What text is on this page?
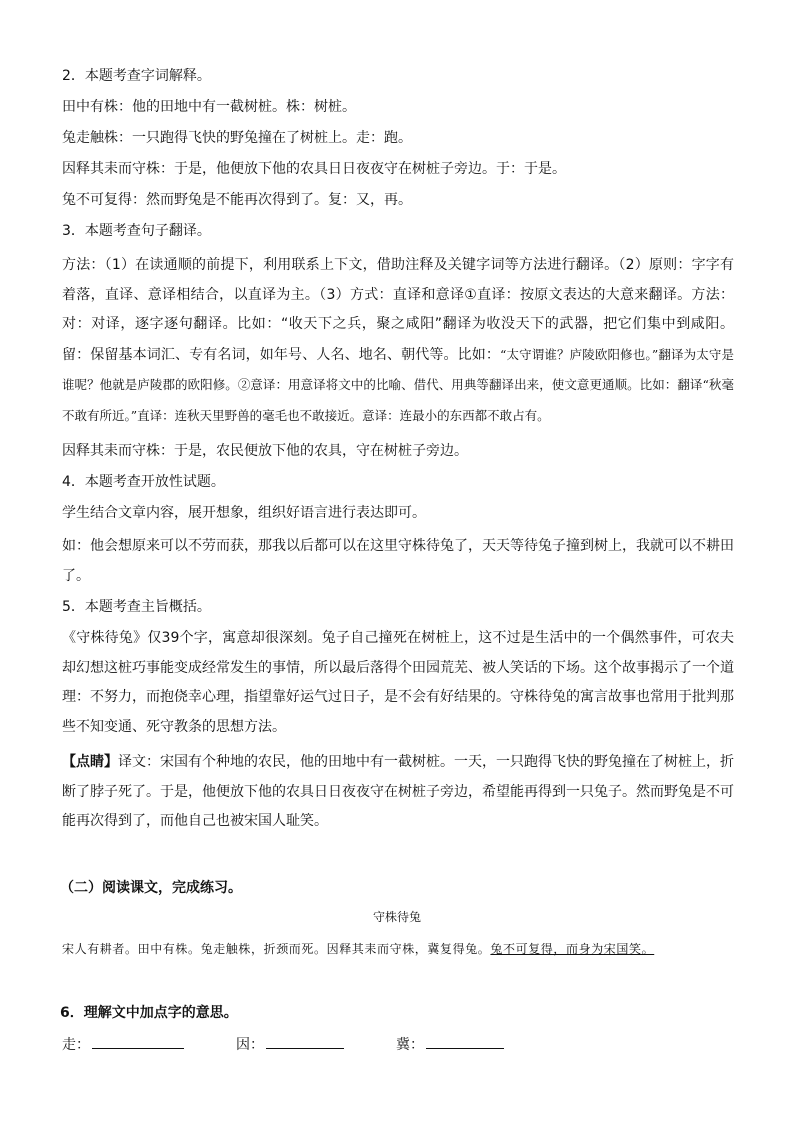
2．本题考查字词解释。
田中有株：他的田地中有一截树桩。株：树桩。
兔走触株：一只跑得飞快的野兔撞在了树桩上。走：跑。
因释其耒而守株：于是，他便放下他的农具日日夜夜守在树桩子旁边。于：于是。
兔不可复得：然而野兔是不能再次得到了。复：又，再。
3．本题考查句子翻译。
方法：（1）在读通顺的前提下，利用联系上下文，借助注释及关键字词等方法进行翻译。（2）原则：字字有着落，直译、意译相结合，以直译为主。（3）方式：直译和意译①直译：按原文表达的大意来翻译。方法：对：对译，逐字逐句翻译。比如：“收天下之兵，聚之咸阳”翻译为收没天下的武器，把它们集中到咸阳。留：保留基本词汇、专有名词，如年号、人名、地名、朝代等。比如：“太守谓谁？庐陵欧阳修也。”翻译为太守是谁呢？他就是庐陵郡的欧阳修。②意译：用意译将文中的比喻、借代、用典等翻译出来，使文意更通顺。比如：翻译“秋毫不敢有所近。”直译：连秋天里野兽的毫毛也不敢接近。意译：连最小的东西都不敢占有。
因释其耒而守株：于是，农民便放下他的农具，守在树桩子旁边。
4．本题考查开放性试题。
学生结合文章内容，展开想象，组织好语言进行表达即可。
如：他会想原来可以不劳而获，那我以后都可以在这里守株待兔了，天天等待兔子撞到树上，我就可以不耕田了。
5．本题考查主旨概括。
《守株待兔》仅39个字，寓意却很深刻。兔子自己撞死在树桩上，这不过是生活中的一个偶然事件，可农夫却幻想这桩巧事能变成经常发生的事情，所以最后落得个田园荒芜、被人笑话的下场。这个故事揭示了一个道理：不努力，而抱侥幸心理，指望靠好运气过日子，是不会有好结果的。守株待兔的寓言故事也常用于批判那些不知变通、死守教条的思想方法。
【点睛】译文：宋国有个种地的农民，他的田地中有一截树桩。一天，一只跑得飞快的野兔撞在了树桩上，折断了脖子死了。于是，他便放下他的农具日日夜夜守在树桩子旁边，希望能再得到一只兔子。然而野兔是不可能再次得到了，而他自己也被宋国人耻笑。
（二）阅读课文，完成练习。
守株待兔
宋人有耕者。田中有株。兔走触株，折颈而死。因释其耒而守株，冀复得兔。兔不可复得，而身为宋国笑。
6．理解文中加点字的意思。
走：	因：	冀：
